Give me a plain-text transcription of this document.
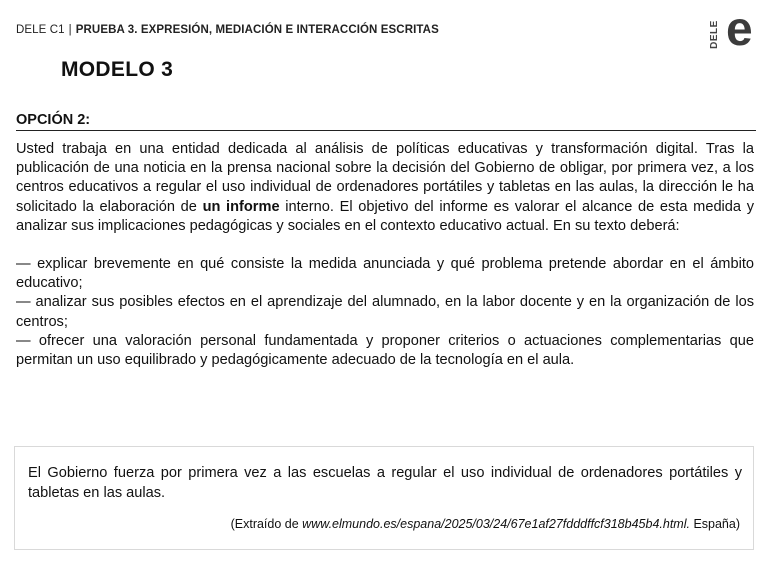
DELE C1 | PRUEBA 3. EXPRESIÓN, MEDIACIÓN E INTERACCIÓN ESCRITAS	DELE e
MODELO 3
OPCIÓN 2:

Usted trabaja en una entidad dedicada al análisis de políticas educativas y transformación digital. Tras la publicación de una noticia en la prensa nacional sobre la decisión del Gobierno de obligar, por primera vez, a los centros educativos a regular el uso individual de ordenadores portátiles y tabletas en las aulas, la dirección le ha solicitado la elaboración de un informe interno. El objetivo del informe es valorar el alcance de esta medida y analizar sus implicaciones pedagógicas y sociales en el contexto educativo actual. En su texto deberá:

— explicar brevemente en qué consiste la medida anunciada y qué problema pretende abordar en el ámbito educativo;

— analizar sus posibles efectos en el aprendizaje del alumnado, en la labor docente y en la organización de los centros;

— ofrecer una valoración personal fundamentada y proponer criterios o actuaciones complementarias que permitan un uso equilibrado y pedagógicamente adecuado de la tecnología en el aula.

El Gobierno fuerza por primera vez a las escuelas a regular el uso individual de ordenadores portátiles y tabletas en las aulas.
(Extraído de www.elmundo.es/espana/2025/03/24/67e1af27fdddffcf318b45b4.html. España)
